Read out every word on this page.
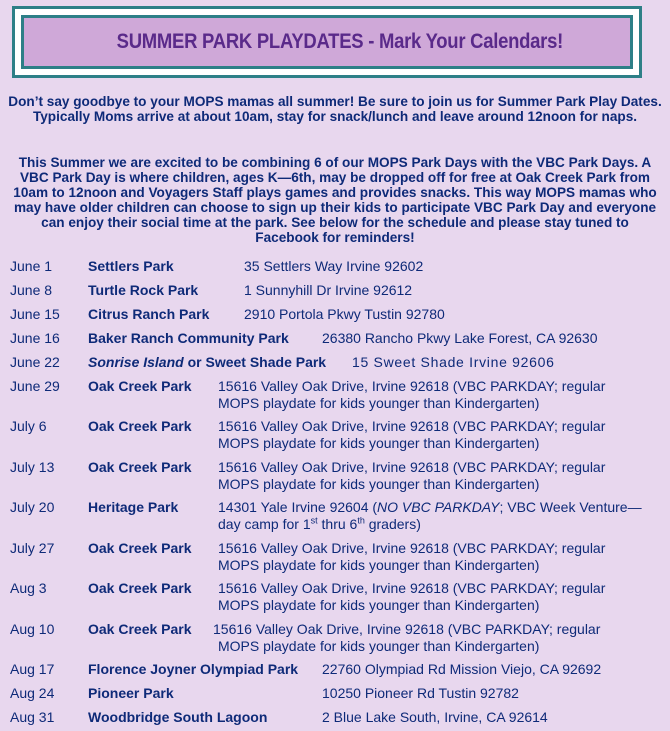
SUMMER PARK PLAYDATES - Mark Your Calendars!
Don’t say goodbye to your MOPS mamas all summer! Be sure to join us for Summer Park Play Dates. Typically Moms arrive at about 10am, stay for snack/lunch and leave around 12noon for naps.
This Summer we are excited to be combining 6 of our MOPS Park Days with the VBC Park Days. A VBC Park Day is where children, ages K—6th, may be dropped off for free at Oak Creek Park from 10am to 12noon and Voyagers Staff plays games and provides snacks. This way MOPS mamas who may have older children can choose to sign up their kids to participate VBC Park Day and everyone can enjoy their social time at the park. See below for the schedule and please stay tuned to Facebook for reminders!
June 1	Settlers Park	35 Settlers Way Irvine 92602
June 8	Turtle Rock Park	1 Sunnyhill Dr Irvine 92612
June 15 Citrus Ranch Park 2910 Portola Pkwy Tustin 92780
June 16 Baker Ranch Community Park 26380 Rancho Pkwy Lake Forest, CA 92630
June 22 Sonrise Island or Sweet Shade Park 15 Sweet Shade Irvine 92606
June 29 Oak Creek Park 15616 Valley Oak Drive, Irvine 92618 (VBC PARKDAY; regular
MOPS playdate for kids younger than Kindergarten)
July 6	Oak Creek Park 15616 Valley Oak Drive, Irvine 92618 (VBC PARKDAY; regular
MOPS playdate for kids younger than Kindergarten)
July 13 Oak Creek Park 15616 Valley Oak Drive, Irvine 92618 (VBC PARKDAY; regular
MOPS playdate for kids younger than Kindergarten)
July 20 Heritage Park	14301 Yale Irvine 92604 (NO VBC PARKDAY; VBC Week Venture—
day camp for 1st thru 6th graders)
July 27 Oak Creek Park 15616 Valley Oak Drive, Irvine 92618 (VBC PARKDAY; regular
MOPS playdate for kids younger than Kindergarten)
Aug 3	Oak Creek Park 15616 Valley Oak Drive, Irvine 92618 (VBC PARKDAY; regular
MOPS playdate for kids younger than Kindergarten)
Aug 10 Oak Creek Park 15616 Valley Oak Drive, Irvine 92618 (VBC PARKDAY; regular
MOPS playdate for kids younger than Kindergarten)
Aug 17 Florence Joyner Olympiad Park 22760 Olympiad Rd Mission Viejo, CA 92692
Aug 24 Pioneer Park	10250 Pioneer Rd Tustin 92782
Aug 31 Woodbridge South Lagoon	2 Blue Lake South, Irvine, CA 92614
